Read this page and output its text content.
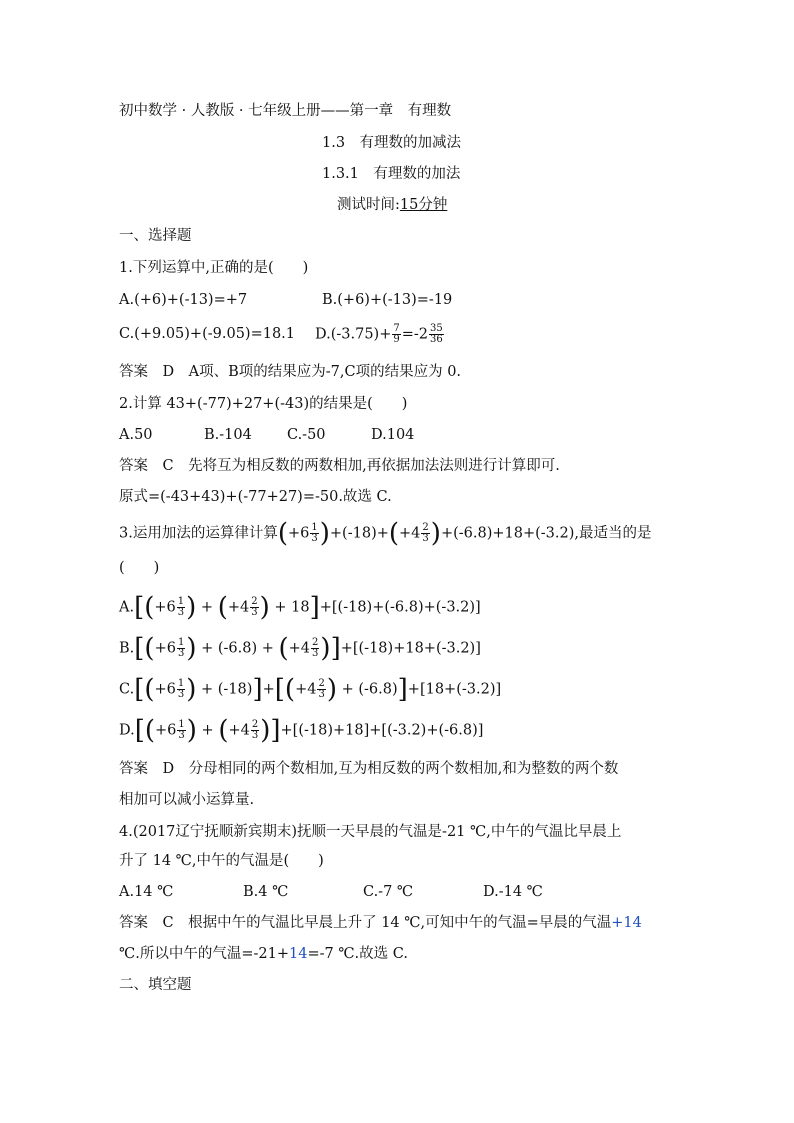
初中数学 · 人教版 · 七年级上册——第一章　有理数
1.3　有理数的加减法
1.3.1　有理数的加法
测试时间:15分钟
一、选择题
1.下列运算中,正确的是(　　)
A.(+6)+(-13)=+7	B.(+6)+(-13)=-19
C.(+9.05)+(-9.05)=18.1 $D.(-3.75)+ \frac{7}{9} =-2 \frac{35}{36}$
答案　D　A项、B项的结果应为-7,C项的结果应为 0.
2.计算 43+(-77)+27+(-43)的结果是(　　)
A.50	B.-104 C.-50	D.104
答案　C　先将互为相反数的两数相加,再依据加法法则进行计算即可.
原式=(-43+43)+(-77+27)=-50.故选 C.
3.运用加法的运算律计算$(+6 \frac{1}{3} )+(-18)+(+4 \frac{2}{3} )+(-6.8)+18+(-3.2)$,最适当的是
(　　)
$A.[(+6 \frac{1}{3}$ ) + ($+4 \frac{2}{3}$ ) + 18]+[(-18)+(-6.8)+(-3.2)]
$B.[(+6 \frac{1}{3}$ ) + $(-6.8) + (+4 \frac{2}{3} )]+[(-18)+18+(-3.2)]$
$C.[(+6 \frac{1}{3}$ ) + $(-18)]+[(+4 \frac{2}{3}$ ) + (-6.8)]+[18+(-3.2)]
$D.[(+6 \frac{1}{3}$ ) + $(+4 \frac{2}{3} )]+[(-18)+18]+[(-3.2)+(-6.8)]$
答案　D　分母相同的两个数相加,互为相反数的两个数相加,和为整数的两个数
相加可以减小运算量.
4.(2017辽宁抚顺新宾期末)抚顺一天早晨的气温是-21 ℃,中午的气温比早晨上
升了 14 ℃,中午的气温是(　　)
A.14 ℃	B.4 ℃	C.-7 ℃	D.-14 ℃
答案　C　根据中午的气温比早晨上升了 14 ℃,可知中午的气温=早晨的气温+14
℃.所以中午的气温=-21+14=-7 ℃.故选 C.
二、填空题
